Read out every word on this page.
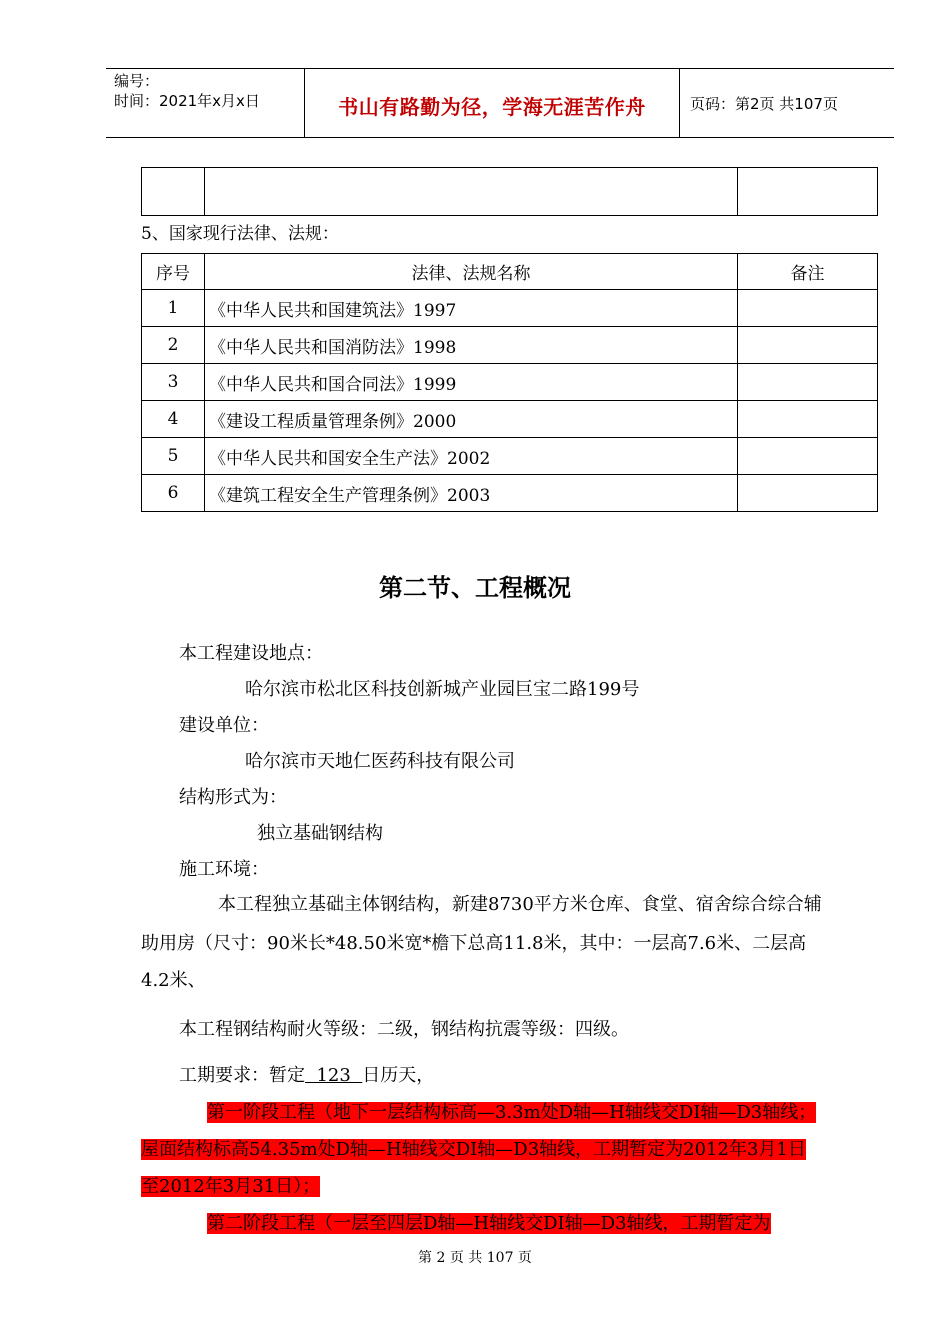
编号：
时间：2021年x月x日	书山有路勤为径，学海无涯苦作舟	页码：第2页 共107页

5、国家现行法律、法规：
序号	法律、法规名称	备注
1	《中华人民共和国建筑法》1997	
2	《中华人民共和国消防法》1998	
3	《中华人民共和国合同法》1999	
4	《建设工程质量管理条例》2000	
5	《中华人民共和国安全生产法》2002	
6	《建筑工程安全生产管理条例》2003	
第二节、工程概况
本工程建设地点：
哈尔滨市松北区科技创新城产业园巨宝二路199号
建设单位：
哈尔滨市天地仁医药科技有限公司
结构形式为：
独立基础钢结构
施工环境：
本工程独立基础主体钢结构，新建8730平方米仓库、食堂、宿舍综合综合辅
助用房（尺寸：90米长*48.50米宽*檐下总高11.8米，其中：一层高7.6米、二层高
4.2米、
本工程钢结构耐火等级：二级，钢结构抗震等级：四级。
工期要求：暂定  123  日历天，
第一阶段工程（地下一层结构标高—3.3m处D轴—H轴线交DI轴—D3轴线；
屋面结构标高54.35m处D轴—H轴线交DI轴—D3轴线，工期暂定为2012年3月1日
至2012年3月31日）；
第二阶段工程（一层至四层D轴—H轴线交DI轴—D3轴线，工期暂定为
第 2 页 共 107 页
